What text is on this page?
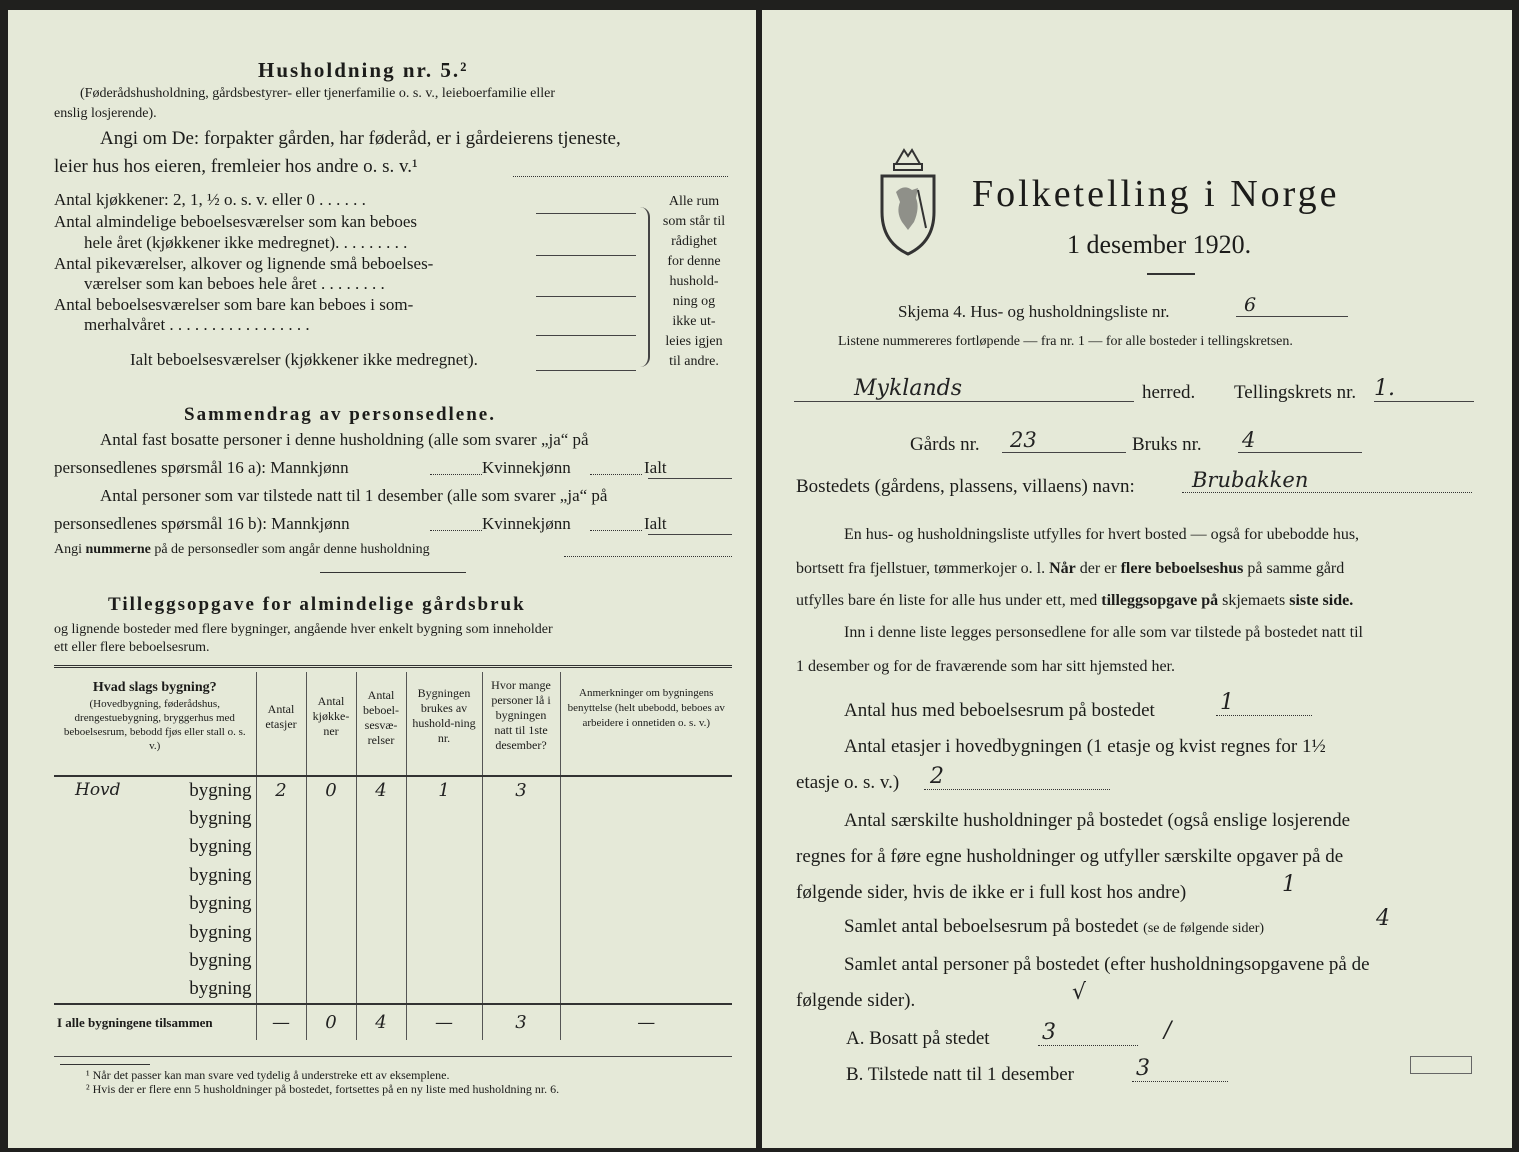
Husholdning nr. 5.²
(Føderådshusholdning, gårdsbestyrer- eller tjenerfamilie o. s. v., leieboerfamilie eller
enslig losjerende).
Angi om De: forpakter gården, har føderåd, er i gårdeierens tjeneste,
leier hus hos eieren, fremleier hos andre o. s. v.¹
Antal kjøkkener: 2, 1, ½ o. s. v. eller 0 . . . . . .
Antal almindelige beboelsesværelser som kan beboes
hele året (kjøkkener ikke medregnet). . . . . . . . .
Antal pikeværelser, alkover og lignende små beboelses-
værelser som kan beboes hele året . . . . . . . .
Antal beboelsesværelser som bare kan beboes i som-
merhalvåret . . . . . . . . . . . . . . . . .
Ialt beboelsesværelser (kjøkkener ikke medregnet).
Alle rum
som står til
rådighet
for denne
hushold-
ning og
ikke ut-
leies igjen
til andre.
Sammendrag av personsedlene.
Antal fast bosatte personer i denne husholdning (alle som svarer „ja“ på
personsedlenes spørsmål 16 a): Mannkjønn	Kvinnekjønn	Ialt
Antal personer som var tilstede natt til 1 desember (alle som svarer „ja“ på
personsedlenes spørsmål 16 b): Mannkjønn	Kvinnekjønn	Ialt
Angi nummerne på de personsedler som angår denne husholdning
Tilleggsopgave for almindelige gårdsbruk
og lignende bosteder med flere bygninger, angående hver enkelt bygning som inneholder
ett eller flere beboelsesrum.
Hvad slags bygning?
(Hovedbygning, føderådshus, drengestuebygning, bryggerhus med beboelsesrum, bebodd fjøs eller stall o. s. v.)	Antal etasjer	Antal kjøkke-ner	Antal beboel-sesvæ-relser	Bygningen brukes av hushold-ning nr.	Hvor mange personer lå i bygningen natt til 1ste desember?	Anmerkninger om bygningens benyttelse (helt ubebodd, beboes av arbeidere i onnetiden o. s. v.)

Hovd bygning	2	0	4	1	3	
bygning						
bygning						
bygning						
bygning						
bygning						
bygning						
bygning						
I alle bygningene tilsammen	—	0	4	—	3	—
¹ Når det passer kan man svare ved tydelig å understreke ett av eksemplene.
² Hvis der er flere enn 5 husholdninger på bostedet, fortsettes på en ny liste med husholdning nr. 6.
Folketelling i Norge
1 desember 1920.
Skjema 4. Hus- og husholdningsliste nr.	6
Listene nummereres fortløpende — fra nr. 1 — for alle bosteder i tellingskretsen.
Myklands	herred. Tellingskrets nr. 1.
Gårds nr.	23	Bruks nr. 4
Bostedets (gårdens, plassens, villaens) navn:	Brubakken
En hus- og husholdningsliste utfylles for hvert bosted — også for ubebodde hus,
bortsett fra fjellstuer, tømmerkojer o. l. Når der er flere beboelseshus på samme gård
utfylles bare én liste for alle hus under ett, med tilleggsopgave på skjemaets siste side.
Inn i denne liste legges personsedlene for alle som var tilstede på bostedet natt til
1 desember og for de fraværende som har sitt hjemsted her.
Antal hus med beboelsesrum på bostedet	1
Antal etasjer i hovedbygningen (1 etasje og kvist regnes for 1½
etasje o. s. v.) 2
Antal særskilte husholdninger på bostedet (også enslige losjerende
regnes for å føre egne husholdninger og utfyller særskilte opgaver på de
følgende sider, hvis de ikke er i full kost hos andre)	1
Samlet antal beboelsesrum på bostedet (se de følgende sider)	4
Samlet antal personer på bostedet (efter husholdningsopgavene på de
følgende sider).	√
A. Bosatt på stedet 3	/
B. Tilstede natt til 1 desember	3
